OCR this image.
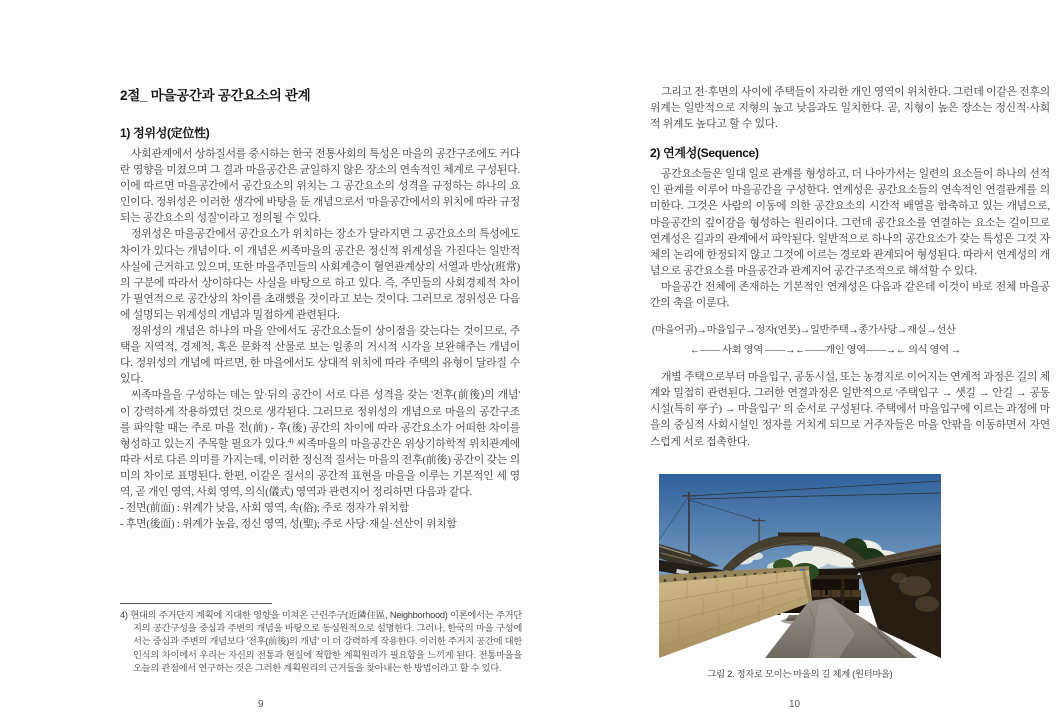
2절_ 마을공간과 공간요소의 관계
1) 정위성(定位性)

사회관계에서 상하질서를 중시하는 한국 전통사회의 특성은 마을의 공간구조에도 커다란 영향을 미쳤으며 그 결과 마을공간은 균일하지 않은 장소의 연속적인 체계로 구성된다. 이에 따르면 마을공간에서 공간요소의 위치는 그 공간요소의 성격을 규정하는 하나의 요인이다. 정위성은 이러한 생각에 바탕을 둔 개념으로서 '마을공간에서의 위치에 따라 규정되는 공간요소의 성질'이라고 정의될 수 있다.

정위성은 마을공간에서 공간요소가 위치하는 장소가 달라지면 그 공간요소의 특성에도 차이가 있다는 개념이다. 이 개념은 씨족마을의 공간은 정신적 위계성을 가진다는 일반적 사실에 근거하고 있으며, 또한 마을주민들의 사회계층이 혈연관계상의 서열과 반상(班常)의 구분에 따라서 상이하다는 사실을 바탕으로 하고 있다. 즉, 주민들의 사회경제적 차이가 필연적으로 공간상의 차이를 초래했을 것이라고 보는 것이다. 그러므로 정위성은 다음에 설명되는 위계성의 개념과 밀접하게 관련된다.

정위성의 개념은 하나의 마을 안에서도 공간요소들이 상이점을 갖는다는 것이므로, 주택을 지역적, 경제적, 혹은 문화적 산물로 보는 일종의 거시적 시각을 보완해주는 개념이다. 정위성의 개념에 따르면, 한 마을에서도 상대적 위치에 따라 주택의 유형이 달라질 수 있다.

씨족마을을 구성하는 데는 앞·뒤의 공간이 서로 다른 성격을 갖는 '전후(前後)의 개념' 이 강력하게 작용하였던 것으로 생각된다. 그러므로 정위성의 개념으로 마을의 공간구조를 파악할 때는 주로 마을 전(前) - 후(後) 공간의 차이에 따라 공간요소가 어떠한 차이를 형성하고 있는지 주목할 필요가 있다.$^{4)}$ 씨족마을의 마을공간은 위상기하학적 위치관계에 따라 서로 다른 의미를 가지는데, 이러한 정신적 질서는 마을의 전후(前後) 공간이 갖는 의미의 차이로 표명된다. 한편, 이같은 질서의 공간적 표현을 마을을 이루는 기본적인 세 영역, 곧 개인 영역, 사회 영역, 의식(儀式) 영역과 관련지어 정리하면 다음과 같다.

- 전면(前面) : 위계가 낮음, 사회 영역, 속(俗); 주로 정자가 위치함

- 후면(後面) : 위계가 높음, 정신 영역, 성(聖); 주로 사당·재실·선산이 위치함

4) 현대의 주거단지 계획에 지대한 영향을 미쳐온 근린주구(近隣住區, Neighborhood) 이론에서는 주거단지의 공간구성을 중심과 주변의 개념을 바탕으로 동심원적으로 설명한다. 그러나, 한국의 마을 구성에서는 중심과 주변의 개념보다 '전후(前後)의 개념' 이 더 강력하게 작용한다. 이러한 주거지 공간에 대한 인식의 차이에서 우리는 자신의 전통과 현실에 적합한 계획원리가 필요함을 느끼게 된다. 전통마을을 오늘의 관점에서 연구하는 것은 그러한 계획원리의 근거들을 찾아내는 한 방법이라고 할 수 있다.

그리고 전·후면의 사이에 주택들이 자리한 개인 영역이 위치한다. 그런데 이같은 전후의 위계는 일반적으로 지형의 높고 낮음과도 일치한다. 곧, 지형이 높은 장소는 정신적·사회적 위계도 높다고 할 수 있다.

2) 연계성(Sequence)

공간요소들은 일대 일로 관계를 형성하고, 더 나아가서는 일련의 요소들이 하나의 선적인 관계를 이루어 마을공간을 구성한다. 연계성은 공간요소들의 연속적인 연결관계를 의미한다. 그것은 사람의 이동에 의한 공간요소의 시간적 배열을 함축하고 있는 개념으로, 마을공간의 깊이감을 형성하는 원리이다. 그런데 공간요소를 연결하는 요소는 길이므로 연계성은 길과의 관계에서 파악된다. 일반적으로 하나의 공간요소가 갖는 특성은 그것 자체의 논리에 한정되지 않고 그것에 이르는 경로와 관계되어 형성된다. 따라서 연계성의 개념으로 공간요소를 마을공간과 관계지어 공간구조적으로 해석할 수 있다.

마을공간 전체에 존재하는 기본적인 연계성은 다음과 같은데 이것이 바로 전체 마을공간의 축을 이룬다.

(마을어귀)→마을입구→정자(연못)→일반주택→종가사당→재실→선산
←―― 사회 영역 ――→←――개인 영역――→← 의식 영역 →

개별 주택으로부터 마을입구, 공동시설, 또는 농경지로 이어지는 연계적 과정은 길의 체계와 밀접히 관련된다. 그러한 연결과정은 일반적으로 '주택입구 → 샛길 → 안길 → 공동시설(특히 亭子) → 마을입구' 의 순서로 구성된다. 주택에서 마을입구에 이르는 과정에 마을의 중심적 사회시설인 정자를 거치게 되므로 거주자들은 마을 안팎을 이동하면서 자연스럽게 서로 접촉한다.

그림 2. 정자로 모이는 마을의 길 체계 (원터마을)
9	10
